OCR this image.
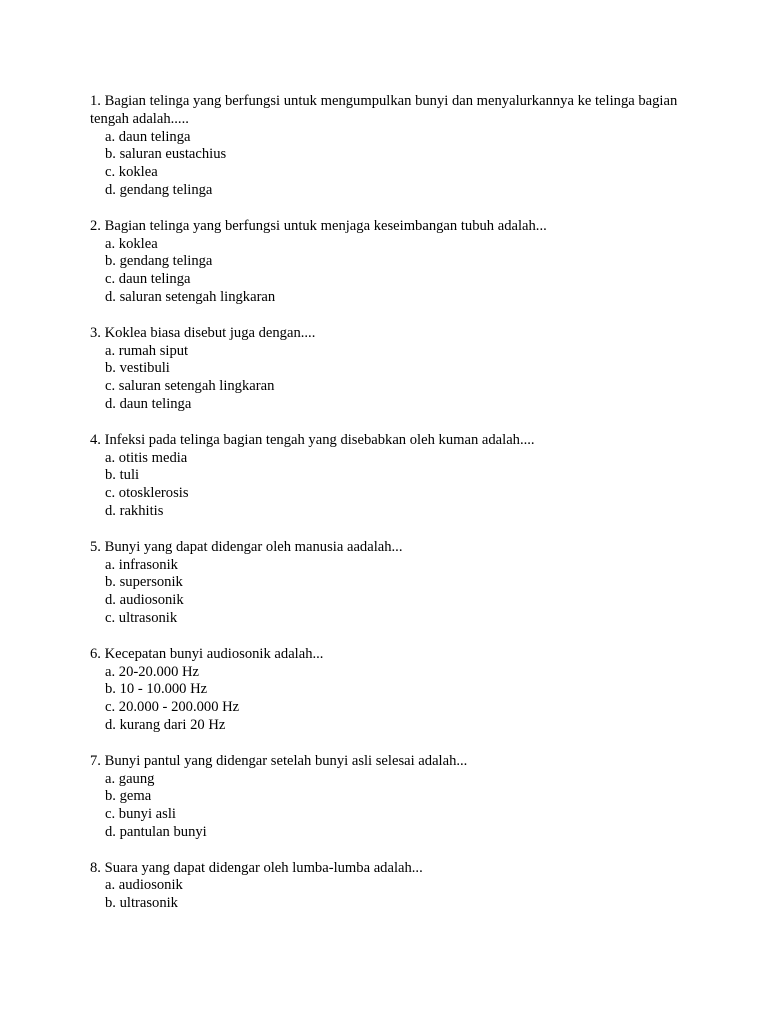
1. Bagian telinga yang berfungsi untuk mengumpulkan bunyi dan menyalurkannya ke telinga bagian tengah adalah.....

a. daun telinga
b. saluran eustachius
c. koklea
d. gendang telinga

2. Bagian telinga yang berfungsi untuk menjaga keseimbangan tubuh adalah...

a. koklea
b. gendang telinga
c. daun telinga
d. saluran setengah lingkaran

3. Koklea biasa disebut juga dengan....

a. rumah siput
b. vestibuli
c. saluran setengah lingkaran
d. daun telinga

4. Infeksi pada telinga bagian tengah yang disebabkan oleh kuman adalah....

a. otitis media
b. tuli
c. otosklerosis
d. rakhitis

5. Bunyi yang dapat didengar oleh manusia aadalah...

a. infrasonik
b. supersonik
d. audiosonik
c. ultrasonik

6. Kecepatan bunyi audiosonik adalah...

a. 20-20.000 Hz
b. 10 - 10.000 Hz
c. 20.000 - 200.000 Hz
d. kurang dari 20 Hz

7. Bunyi pantul yang didengar setelah bunyi asli selesai adalah...

a. gaung
b. gema
c. bunyi asli
d. pantulan bunyi

8. Suara yang dapat didengar oleh lumba-lumba adalah...

a. audiosonik
b. ultrasonik
